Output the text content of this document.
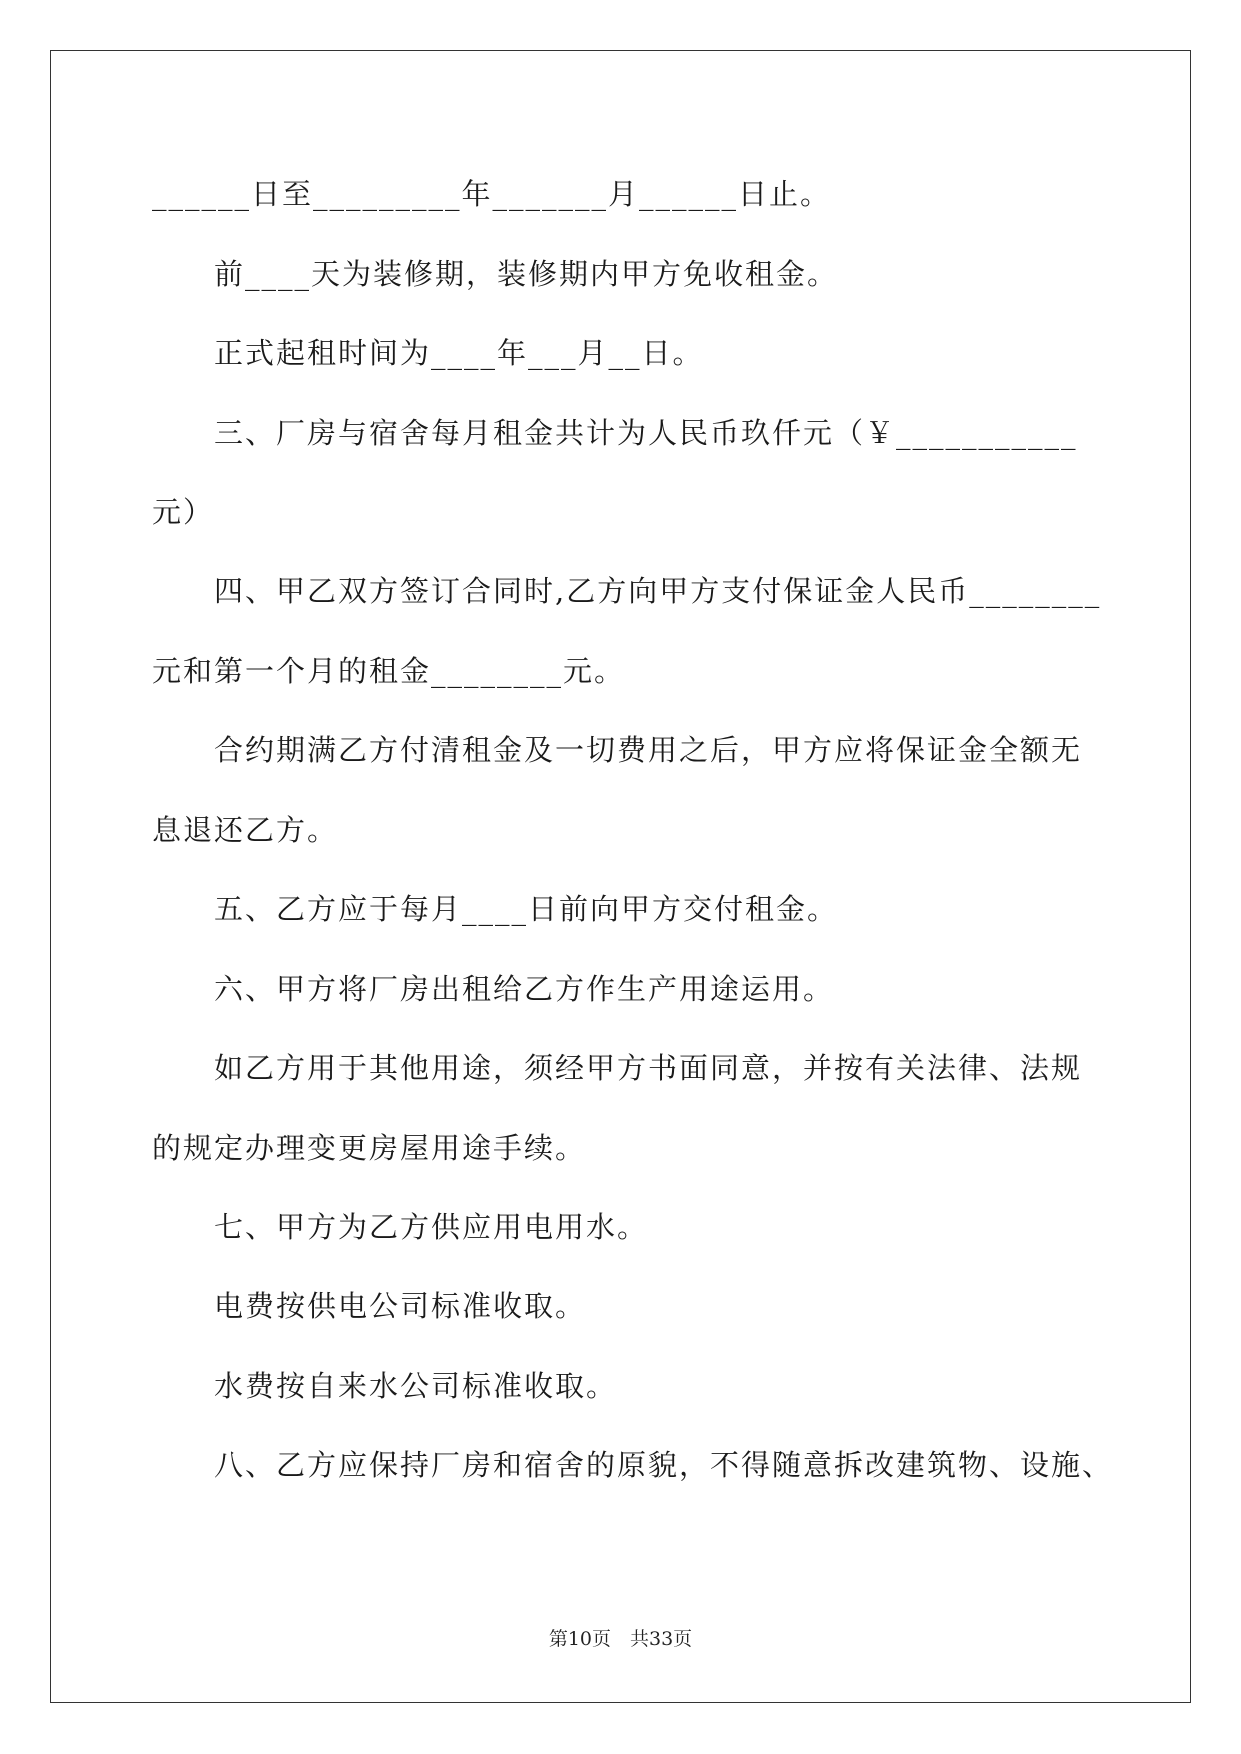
______日至_________年_______月______日止。
前____天为装修期，装修期内甲方免收租金。
正式起租时间为____年___月__日。
三、厂房与宿舍每月租金共计为人民币玖仟元（￥___________
元）
四、甲乙双方签订合同时,乙方向甲方支付保证金人民币________
元和第一个月的租金________元。
合约期满乙方付清租金及一切费用之后，甲方应将保证金全额无
息退还乙方。
五、乙方应于每月____日前向甲方交付租金。
六、甲方将厂房出租给乙方作生产用途运用。
如乙方用于其他用途，须经甲方书面同意，并按有关法律、法规
的规定办理变更房屋用途手续。
七、甲方为乙方供应用电用水。
电费按供电公司标准收取。
水费按自来水公司标准收取。
八、乙方应保持厂房和宿舍的原貌，不得随意拆改建筑物、设施、
第10页　共33页
